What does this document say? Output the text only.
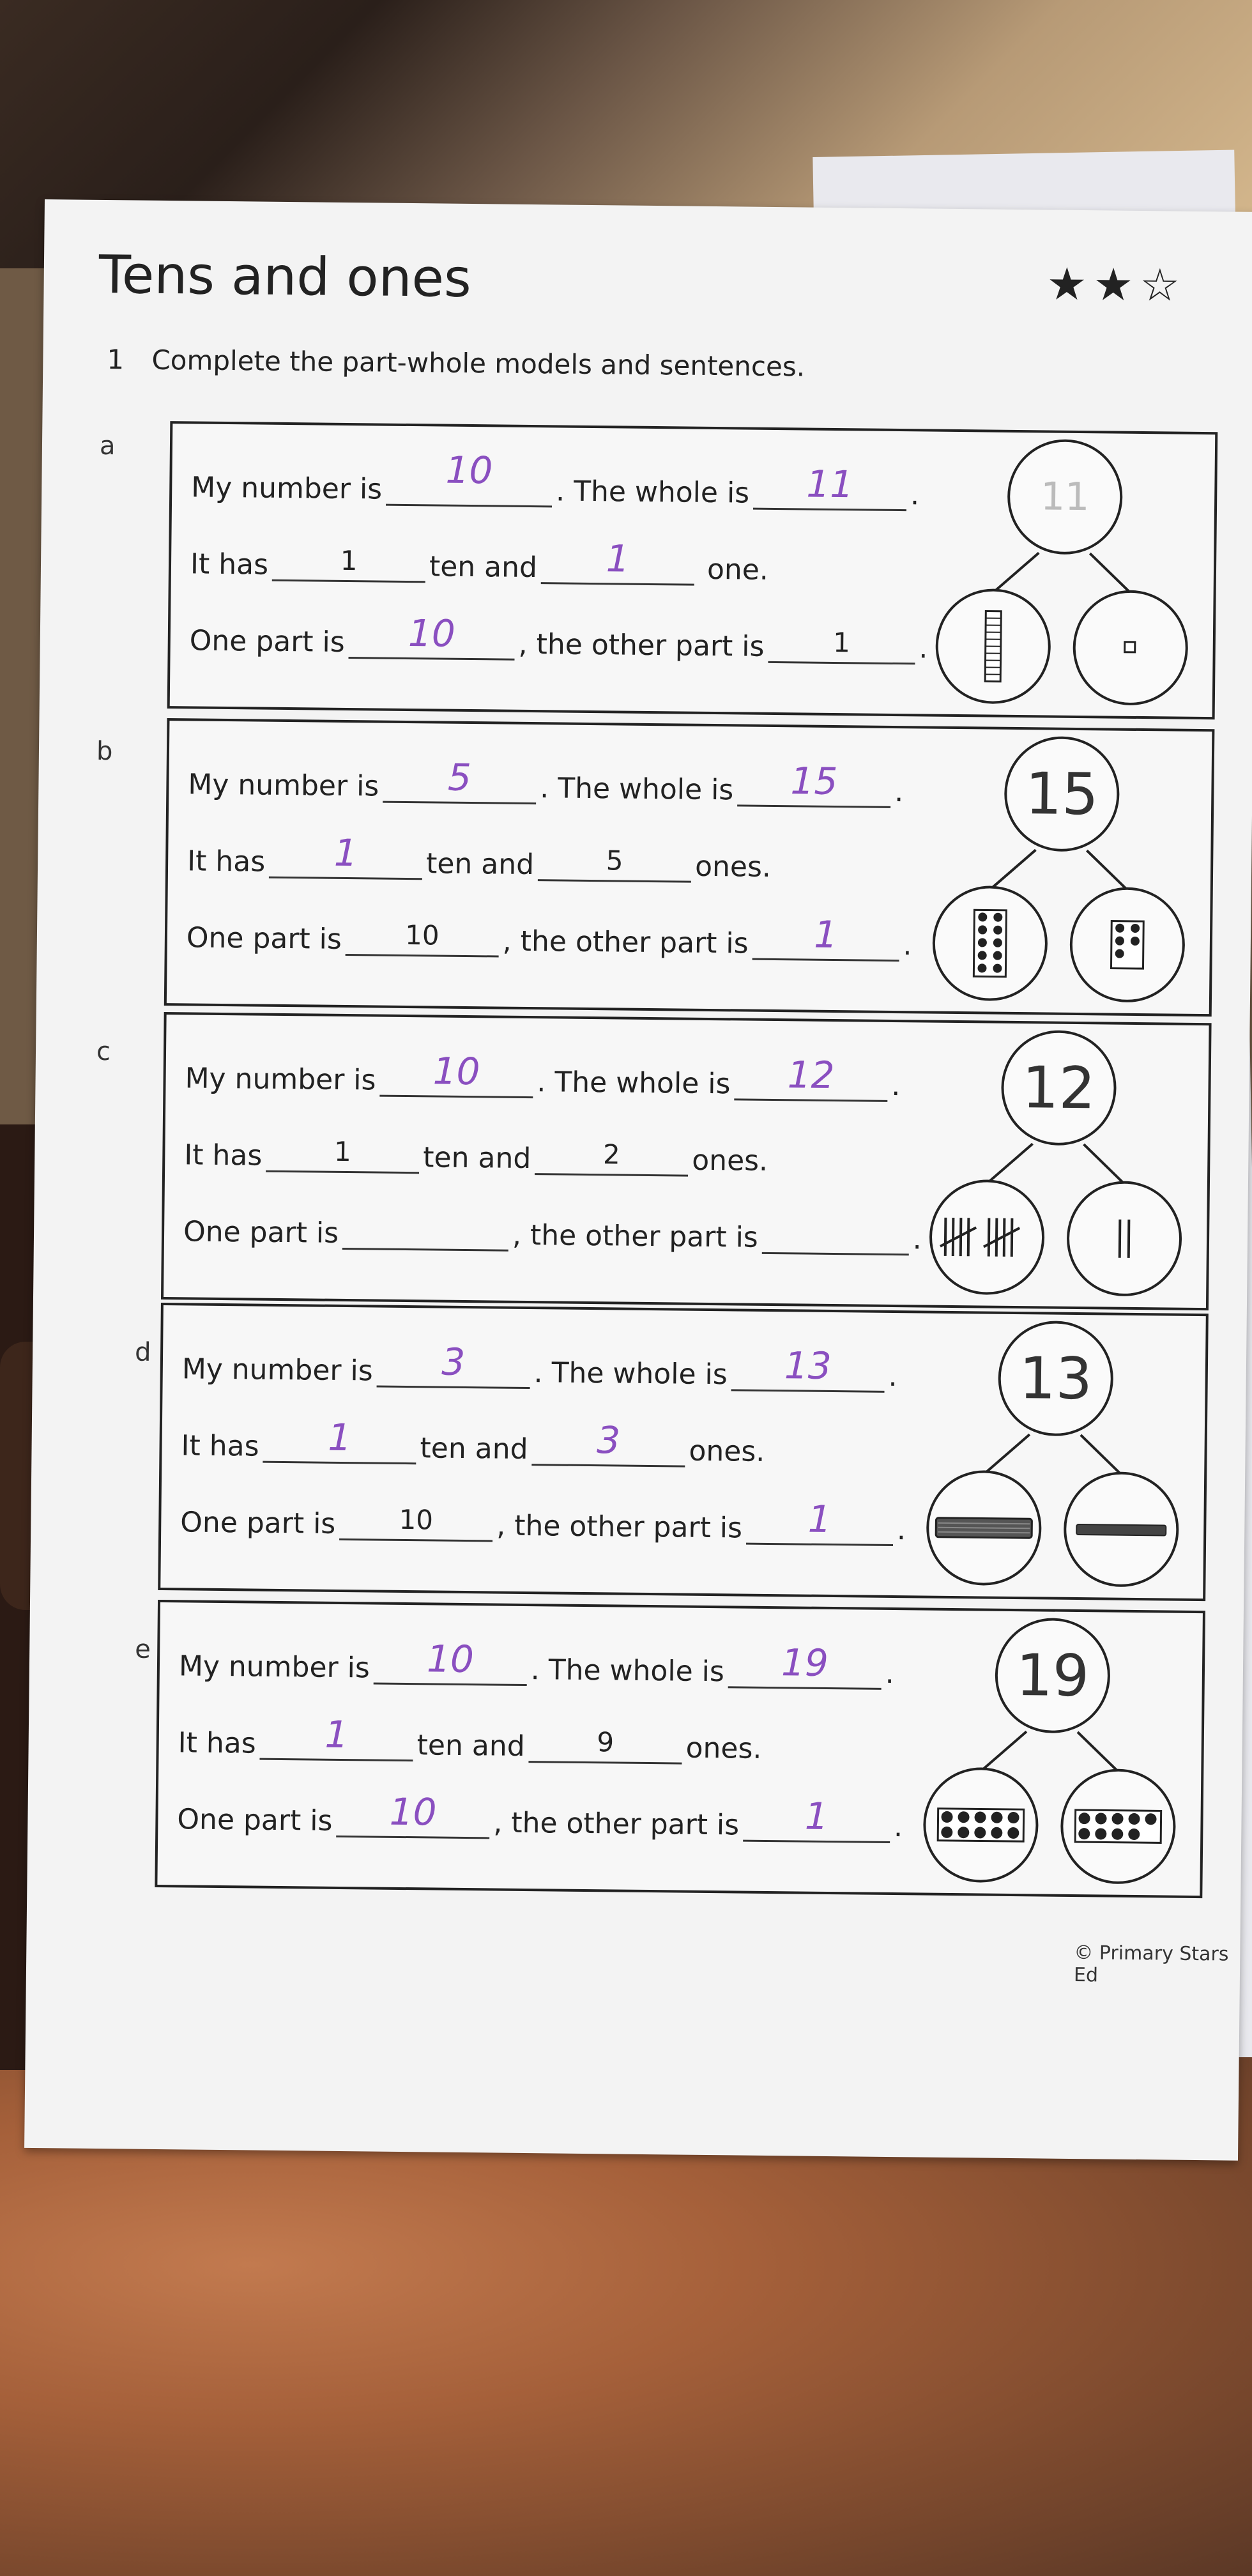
Tens and ones	★★☆
1 Complete the part-whole models and sentences.
a
My number is	10
. The whole is	11	.
It has	1	ten and	1	one.
One part is	10	, the other part is	1	.
11
b
My number is	5	. The whole is	15	.
It has	1	ten and	5	ones.
One part is	10	, the other part is	1	.
15
c
My number is	10	. The whole is	12	.
It has	1	ten and	2	ones.
One part is	, the other part is	.
12
d
My number is	3	. The whole is	13	.
It has	1	ten and	3	ones.
One part is	10	, the other part is	1	.
13
e
My number is	10	. The whole is	19	.
It has	1	ten and	9	ones.
One part is	10	, the other part is	1	.
19
© Primary Stars Ed
